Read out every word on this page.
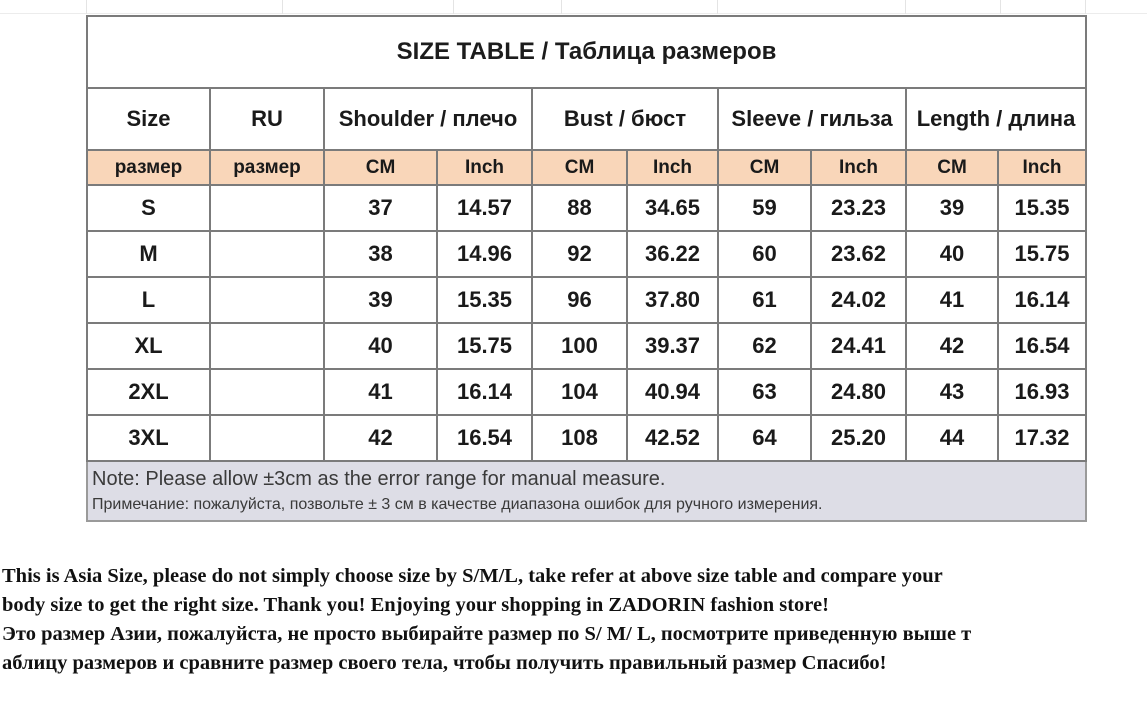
SIZE TABLE / Таблица размеров									
Size	RU	Shoulder / плечо		Bust / бюст		Sleeve / гильза		Length / длина	
размер	размер	CM	Inch	CM	Inch	CM	Inch	CM	Inch
S		37	14.57	88	34.65	59	23.23	39	15.35
M		38	14.96	92	36.22	60	23.62	40	15.75
L		39	15.35	96	37.80	61	24.02	41	16.14
XL		40	15.75	100	39.37	62	24.41	42	16.54
2XL		41	16.14	104	40.94	63	24.80	43	16.93
3XL		42	16.54	108	42.52	64	25.20	44	17.32

Note: Please allow ±3cm as the error range for manual measure.
Примечание: пожалуйста, позвольте ± 3 см в качестве диапазона ошибок для ручного измерения.									

This is Asia Size, please do not simply choose size by S/M/L, take refer at above size table and compare your

body size to get the right size. Thank you! Enjoying your shopping in ZADORIN fashion store!

Это размер Азии, пожалуйста, не просто выбирайте размер по S/ M/ L, посмотрите приведенную выше т

аблицу размеров и сравните размер своего тела, чтобы получить правильный размер Спасибо!
